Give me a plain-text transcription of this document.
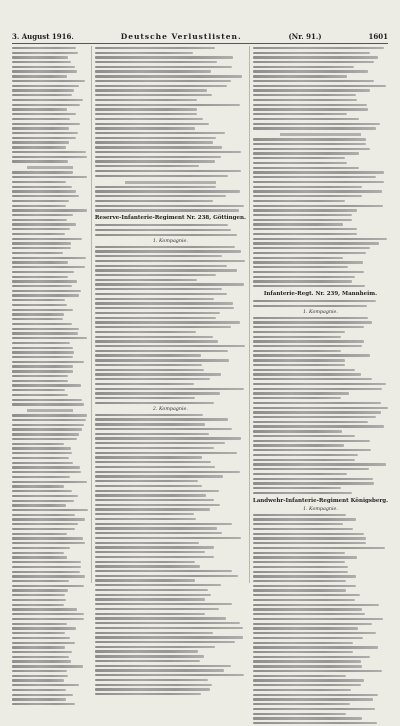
3. August 1916.	Deutsche Verlustlisten.	(Nr. 91.)	1601
Reserve-Infanterie-Regiment Nr. 238, Göttingen.
1. Kompagnie.
2. Kompagnie.
Infanterie-Regt. Nr. 239, Mannheim.
1. Kompagnie.
Landwehr-Infanterie-Regiment Königsberg.
1. Kompagnie.
